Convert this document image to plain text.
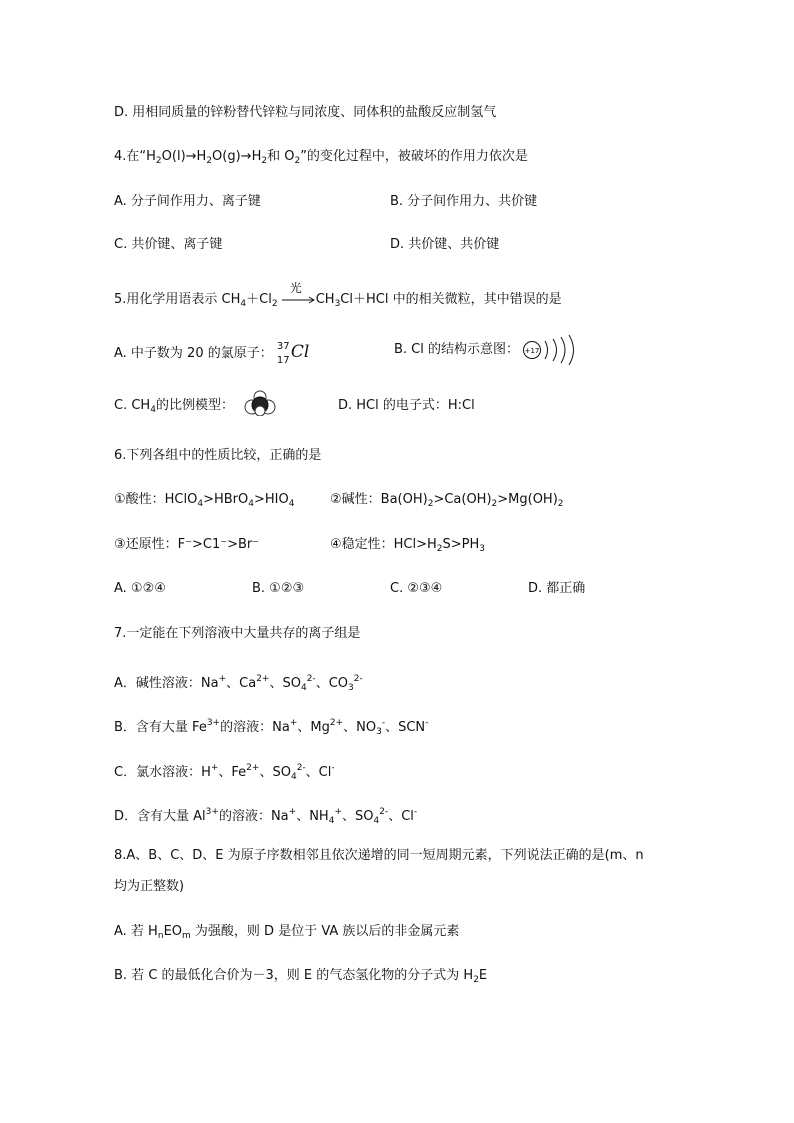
D. 用相同质量的锌粉替代锌粒与同浓度、同体积的盐酸反应制氢气
4.在“$H_2O(l)\to H_2O(g)\to H_2$和 $O_2$”的变化过程中，被破坏的作用力依次是
A. 分子间作用力、离子键	B. 分子间作用力、共价键
C. 共价键、离子键	D. 共价键、共价键
5.用化学用语表示 $CH_4+Cl_2$
光
$CH_3Cl+HCl$ 中的相关微粒，其中错误的是
A. 中子数为 20 的氯原子： 37
17 Cl	B. Cl 的结构示意图： +17
C. $CH_4$的比例模型：	D. HCl 的电子式：H:Cl
6.下列各组中的性质比较，正确的是
①酸性：$HClO_4>HBrO_4>HIO_4$	②碱性：$Ba(OH)_2>Ca(OH)_2>Mg(OH)_2$
③还原性：F⁻>C1⁻>Br⁻	④稳定性：$HCl>H_2S>PH_3$
A. ①②④	B. ①②③	C. ②③④	D. 都正确
7.一定能在下列溶液中大量共存的离子组是
A．碱性溶液：Na+、$Ca^{2+}$、$SO_4^{2-}$、$CO_3^{2-}$
B．含有大量 $Fe^{3+}$的溶液：Na+、$Mg^{2+}$、$NO_3^-$、SCN-
C．氯水溶液：H+、$Fe^{2+}$、$SO_4^{2-}$、Cl-
D．含有大量 $Al^{3+}$的溶液：Na+、$NH_4^+$、$SO_4^{2-}$、Cl-
8.A、B、C、D、E 为原子序数相邻且依次递增的同一短周期元素，下列说法正确的是(m、n
均为正整数)
A. 若 $H_nEO_m$ 为强酸，则 D 是位于 VA 族以后的非金属元素
B. 若 C 的最低化合价为－3，则 E 的气态氢化物的分子式为 $H_2E$
